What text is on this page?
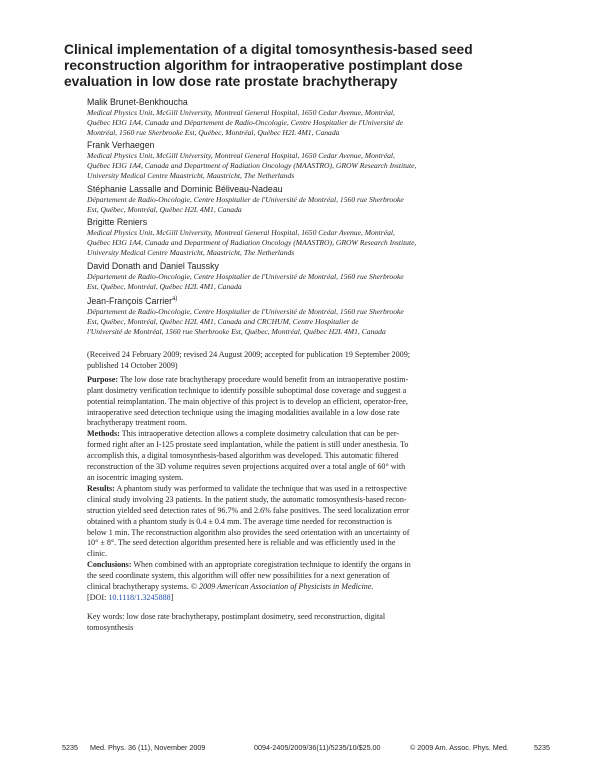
Clinical implementation of a digital tomosynthesis-based seed
reconstruction algorithm for intraoperative postimplant dose
evaluation in low dose rate prostate brachytherapy
Malik Brunet-Benkhoucha
Medical Physics Unit, McGill University, Montreal General Hospital, 1650 Cedar Avenue, Montréal,
Québec H3G 1A4, Canada and Département de Radio-Oncologie, Centre Hospitalier de l'Université de
Montréal, 1560 rue Sherbrooke Est, Québec, Montréal, Québec H2L 4M1, Canada
Frank Verhaegen
Medical Physics Unit, McGill University, Montreal General Hospital, 1650 Cedar Avenue, Montréal,
Québec H3G 1A4, Canada and Department of Radiation Oncology (MAASTRO), GROW Research Institute,
University Medical Centre Maastricht, Maastricht, The Netherlands
Stéphanie Lassalle and Dominic Béliveau-Nadeau
Département de Radio-Oncologie, Centre Hospitalier de l'Université de Montréal, 1560 rue Sherbrooke
Est, Québec, Montréal, Québec H2L 4M1, Canada
Brigitte Reniers
Medical Physics Unit, McGill University, Montreal General Hospital, 1650 Cedar Avenue, Montréal,
Québec H3G 1A4, Canada and Department of Radiation Oncology (MAASTRO), GROW Research Institute,
University Medical Centre Maastricht, Maastricht, The Netherlands
David Donath and Daniel Taussky
Département de Radio-Oncologie, Centre Hospitalier de l'Université de Montréal, 1560 rue Sherbrooke
Est, Québec, Montréal, Québec H2L 4M1, Canada
Jean-François Carrier$^{a)}$
Département de Radio-Oncologie, Centre Hospitalier de l'Université de Montréal, 1560 rue Sherbrooke
Est, Québec, Montréal, Québec H2L 4M1, Canada and CRCHUM, Centre Hospitalier de
l'Université de Montréal, 1560 rue Sherbrooke Est, Québec, Montréal, Québec H2L 4M1, Canada

(Received 24 February 2009; revised 24 August 2009; accepted for publication 19 September 2009;
published 14 October 2009)

Purpose: The low dose rate brachytherapy procedure would benefit from an intraoperative postim-
plant dosimetry verification technique to identify possible suboptimal dose coverage and suggest a
potential reimplantation. The main objective of this project is to develop an efficient, operator-free,
intraoperative seed detection technique using the imaging modalities available in a low dose rate
brachytherapy treatment room.

Methods: This intraoperative detection allows a complete dosimetry calculation that can be per-
formed right after an I-125 prostate seed implantation, while the patient is still under anesthesia. To
accomplish this, a digital tomosynthesis-based algorithm was developed. This automatic filtered
reconstruction of the 3D volume requires seven projections acquired over a total angle of 60° with
an isocentric imaging system.

Results: A phantom study was performed to validate the technique that was used in a retrospective
clinical study involving 23 patients. In the patient study, the automatic tomosynthesis-based recon-
struction yielded seed detection rates of 96.7% and 2.6% false positives. The seed localization error
obtained with a phantom study is 0.4 ± 0.4 mm. The average time needed for reconstruction is
below 1 min. The reconstruction algorithm also provides the seed orientation with an uncertainty of
10° ± 8°. The seed detection algorithm presented here is reliable and was efficiently used in the
clinic.

Conclusions: When combined with an appropriate coregistration technique to identify the organs in
the seed coordinate system, this algorithm will offer new possibilities for a next generation of
clinical brachytherapy systems. © 2009 American Association of Physicists in Medicine.
[DOI: 10.1118/1.3245888]

Key words: low dose rate brachytherapy, postimplant dosimetry, seed reconstruction, digital
tomosynthesis

5235 Med. Phys. 36 (11), November 2009	0094-2405/2009/36(11)/5235/10/$25.00	© 2009 Am. Assoc. Phys. Med.	5235
